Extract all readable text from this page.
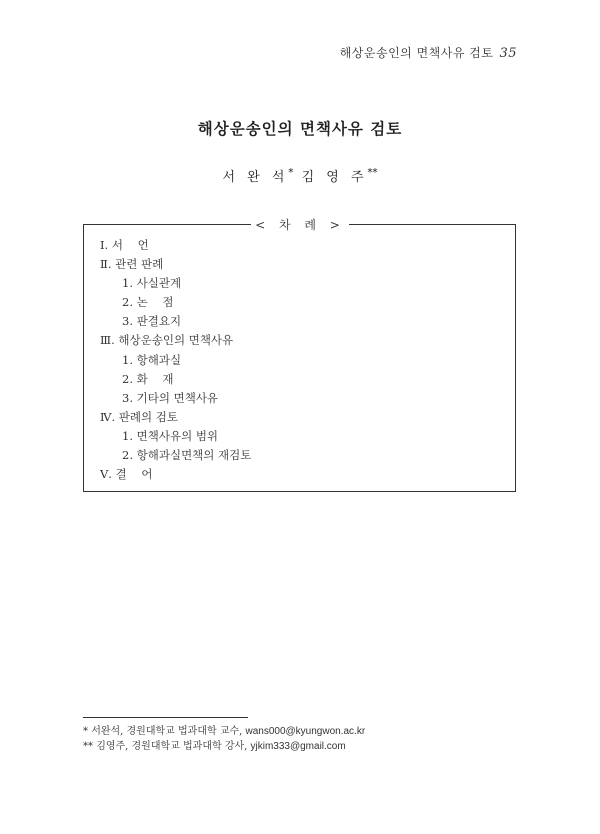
해상운송인의 면책사유 검토 35
해상운송인의 면책사유 검토
서 완 석* 김 영 주**
< 차 례 >
Ⅰ. 서    언
Ⅱ. 관련 판례
1. 사실관계
2. 논    점
3. 판결요지
Ⅲ. 해상운송인의 면책사유
1. 항해과실
2. 화    재
3. 기타의 면책사유
Ⅳ. 판례의 검토
1. 면책사유의 범위
2. 항해과실면책의 재검토
Ⅴ. 결    어
* 서완석, 경원대학교 법과대학 교수, wans000@kyungwon.ac.kr
** 김영주, 경원대학교 법과대학 강사, yjkim333@gmail.com
